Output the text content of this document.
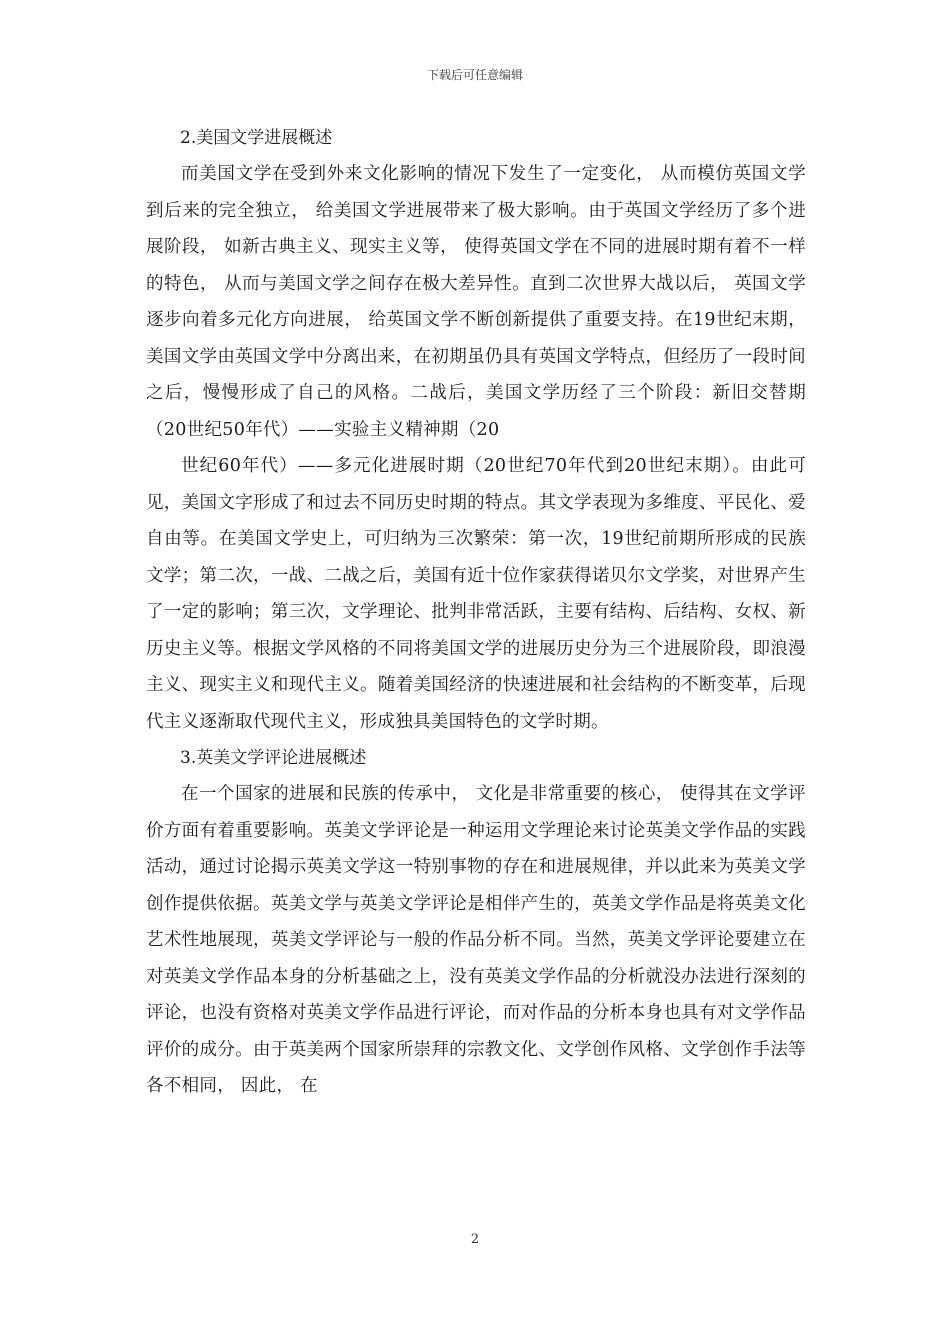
下载后可任意编辑

2.美国文学进展概述

而美国文学在受到外来文化影响的情况下发生了一定变化， 从而模仿英国文学到后来的完全独立， 给美国文学进展带来了极大影响。由于英国文学经历了多个进展阶段， 如新古典主义、现实主义等， 使得英国文学在不同的进展时期有着不一样的特色， 从而与美国文学之间存在极大差异性。直到二次世界大战以后， 英国文学逐步向着多元化方向进展， 给英国文学不断创新提供了重要支持。在19世纪末期，美国文学由英国文学中分离出来，在初期虽仍具有英国文学特点，但经历了一段时间之后，慢慢形成了自己的风格。二战后，美国文学历经了三个阶段：新旧交替期（20世纪50年代）——实验主义精神期（20

世纪60年代）——多元化进展时期（20世纪70年代到20世纪末期）。由此可见，美国文字形成了和过去不同历史时期的特点。其文学表现为多维度、平民化、爱自由等。在美国文学史上，可归纳为三次繁荣：第一次，19世纪前期所形成的民族文学；第二次，一战、二战之后，美国有近十位作家获得诺贝尔文学奖，对世界产生了一定的影响；第三次，文学理论、批判非常活跃，主要有结构、后结构、女权、新历史主义等。根据文学风格的不同将美国文学的进展历史分为三个进展阶段，即浪漫主义、现实主义和现代主义。随着美国经济的快速进展和社会结构的不断变革，后现代主义逐渐取代现代主义，形成独具美国特色的文学时期。

3.英美文学评论进展概述

在一个国家的进展和民族的传承中， 文化是非常重要的核心， 使得其在文学评价方面有着重要影响。英美文学评论是一种运用文学理论来讨论英美文学作品的实践活动，通过讨论揭示英美文学这一特别事物的存在和进展规律，并以此来为英美文学创作提供依据。英美文学与英美文学评论是相伴产生的，英美文学作品是将英美文化艺术性地展现，英美文学评论与一般的作品分析不同。当然，英美文学评论要建立在对英美文学作品本身的分析基础之上，没有英美文学作品的分析就没办法进行深刻的评论，也没有资格对英美文学作品进行评论，而对作品的分析本身也具有对文学作品评价的成分。由于英美两个国家所崇拜的宗教文化、文学创作风格、文学创作手法等各不相同， 因此， 在

2
